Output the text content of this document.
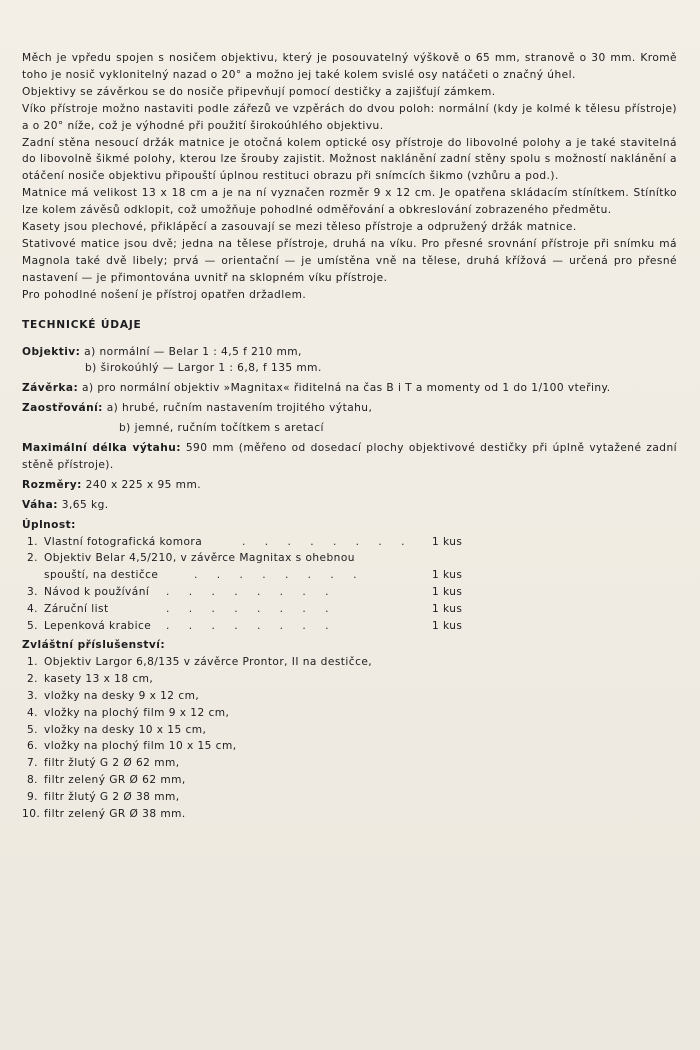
Měch je vpředu spojen s nosičem objektivu, který je posouvatelný výškově o 65 mm, stranově o 30 mm. Kromě toho je nosič vyklonitelný nazad o 20° a možno jej také kolem svislé osy natáčeti o značný úhel.

Objektivy se závěrkou se do nosiče připevňují pomocí destičky a zajišťují zámkem.

Víko přístroje možno nastaviti podle zářezů ve vzpěrách do dvou poloh: normální (kdy je kolmé k tělesu přístroje) a o 20° níže, což je výhodné při použití širokoúhlého objektivu.

Zadní stěna nesoucí držák matnice je otočná kolem optické osy přístroje do libovolné polohy a je také stavitelná do libovolně šikmé polohy, kterou lze šrouby zajistit. Možnost naklánění zadní stěny spolu s možností naklánění a otáčení nosiče objektivu připouští úplnou restituci obrazu při snímcích šikmo (vzhůru a pod.).

Matnice má velikost 13 x 18 cm a je na ní vyznačen rozměr 9 x 12 cm. Je opatřena skládacím stínítkem. Stínítko lze kolem závěsů odklopit, což umožňuje pohodlné odměřování a obkreslování zobrazeného předmětu.

Kasety jsou plechové, přiklápěcí a zasouvají se mezi těleso přístroje a odpružený držák matnice.

Stativové matice jsou dvě; jedna na tělese přístroje, druhá na víku. Pro přesné srovnání přístroje při snímku má Magnola také dvě libely; prvá — orientační — je umístěna vně na tělese, druhá křížová — určená pro přesné nastavení — je přimontována uvnitř na sklopném víku přístroje.

Pro pohodlné nošení je přístroj opatřen držadlem.

TECHNICKÉ ÚDAJE

Objektiv: a) normální — Belar 1 : 4,5 f 210 mm,

b) širokoúhlý — Largor 1 : 6,8, f 135 mm.

Závěrka: a) pro normální objektiv »Magnitax« řiditelná na čas B i T a momenty od 1 do 1/100 vteřiny.

Zaostřování: a) hrubé, ručním nastavením trojitého výtahu,

b) jemné, ručním točítkem s aretací

Maximální délka výtahu: 590 mm (měřeno od dosedací plochy objektivové destičky při úplně vytažené zadní stěně přístroje).

Rozměry: 240 x 225 x 95 mm.

Váha: 3,65 kg.

Úplnost:

1. Vlastní fotografická komora	. . . . . . . .	1 kus
2. Objektiv Belar 4,5/210, v závěrce Magnitax s ohebnou
spouští, na destičce	. . . . . . . .	1 kus
3. Návod k používání	. . . . . . . .	1 kus
4. Záruční list	. . . . . . . .	1 kus
5. Lepenková krabice	. . . . . . . .	1 kus

Zvláštní příslušenství:

1. Objektiv Largor 6,8/135 v závěrce Prontor, II na destičce,
2. kasety 13 x 18 cm,
3. vložky na desky 9 x 12 cm,
4. vložky na plochý film 9 x 12 cm,
5. vložky na desky 10 x 15 cm,
6. vložky na plochý film 10 x 15 cm,
7. filtr žlutý G 2 Ø 62 mm,
8. filtr zelený GR Ø 62 mm,
9. filtr žlutý G 2 Ø 38 mm,
10. filtr zelený GR Ø 38 mm.
